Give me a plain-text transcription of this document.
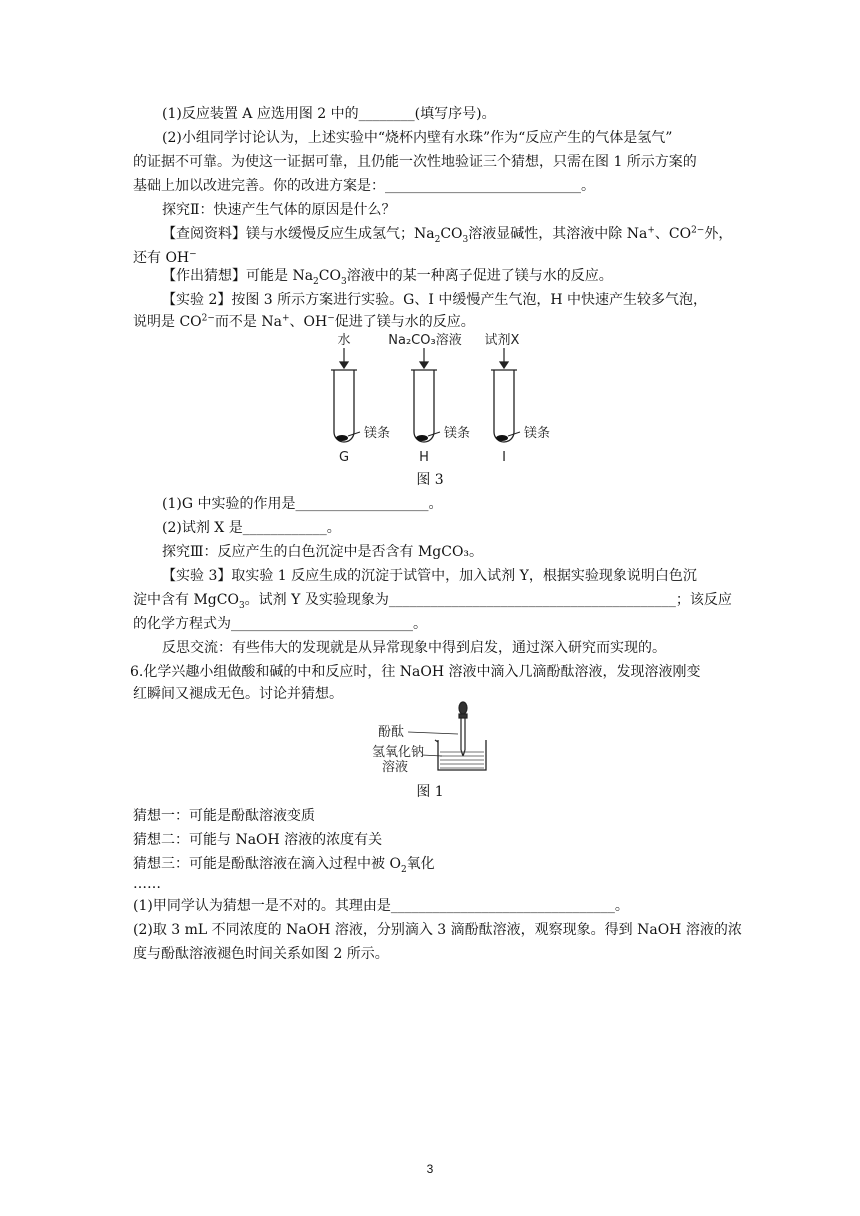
(1)反应装置 A 应选用图 2 中的________(填写序号)。
(2)小组同学讨论认为，上述实验中“烧杯内壁有水珠”作为“反应产生的气体是氢气”
的证据不可靠。为使这一证据可靠，且仍能一次性地验证三个猜想，只需在图 1 所示方案的
基础上加以改进完善。你的改进方案是：____________________________。
探究Ⅱ：快速产生气体的原因是什么？
【查阅资料】镁与水缓慢反应生成氢气；$Na_2CO_3$溶液显碱性，其溶液中除 Na+、$CO^{2-}$外，
还有 OH−
【作出猜想】可能是 $Na_2CO_3$溶液中的某一种离子促进了镁与水的反应。
【实验 2】按图 3 所示方案进行实验。G、I 中缓慢产生气泡，H 中快速产生较多气泡，
说明是 $CO^{2-}$而不是 Na+、OH−促进了镁与水的反应。
水	Na₂CO₃溶液 试剂X
镁条	镁条	镁条
G	H	I
图 3
(1)G 中实验的作用是___________________。
(2)试剂 X 是____________。
探究Ⅲ：反应产生的白色沉淀中是否含有 MgCO₃。
【实验 3】取实验 1 反应生成的沉淀于试管中，加入试剂 Y，根据实验现象说明白色沉
淀中含有 MgCO$_3$。试剂 Y 及实验现象为_________________________________________；该反应
的化学方程式为__________________________。
反思交流：有些伟大的发现就是从异常现象中得到启发，通过深入研究而实现的。
6.化学兴趣小组做酸和碱的中和反应时，往 NaOH 溶液中滴入几滴酚酞溶液，发现溶液刚变
红瞬间又褪成无色。讨论并猜想。
酚酞
氢氧化钠
溶液
图 1
猜想一：可能是酚酞溶液变质
猜想二：可能与 NaOH 溶液的浓度有关
猜想三：可能是酚酞溶液在滴入过程中被 $O_2$氧化
……
(1)甲同学认为猜想一是不对的。其理由是________________________________。
(2)取 3 mL 不同浓度的 NaOH 溶液，分别滴入 3 滴酚酞溶液，观察现象。得到 NaOH 溶液的浓
度与酚酞溶液褪色时间关系如图 2 所示。
3
